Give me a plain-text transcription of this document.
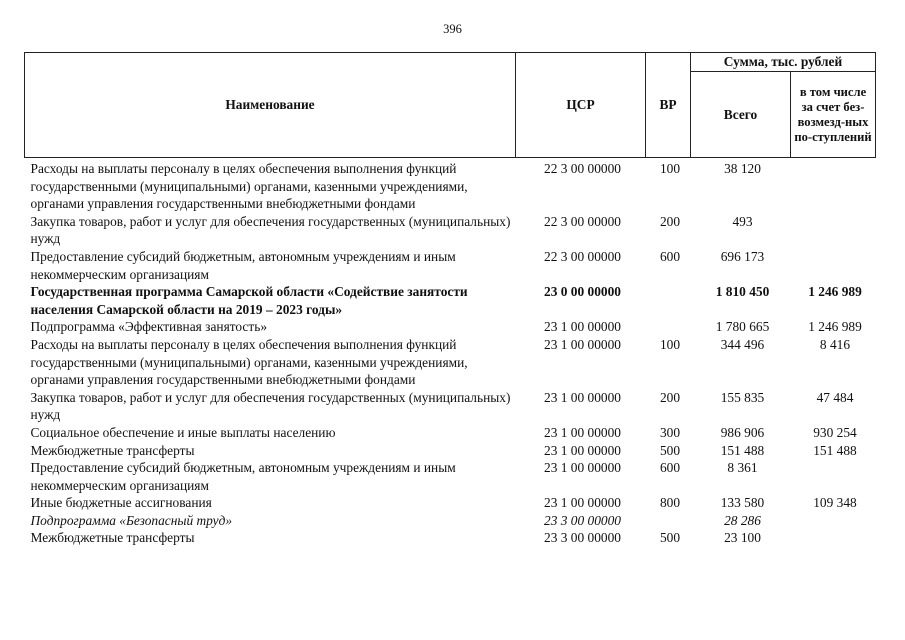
396
Наименование	ЦСР	ВР	Сумма, тыс. рублей	
			Всего	в том числе за счет без-возмезд-ных по-ступлений
Расходы на выплаты персоналу в целях обеспечения выполнения функций государственными (муниципальными) органами, казенными учреждениями, органами управления государственными внебюджетными фондами	22 3 00 00000	100	38 120	
Закупка товаров, работ и услуг для обеспечения государственных (муниципальных) нужд	22 3 00 00000	200	493	
Предоставление субсидий бюджетным, автономным учреждениям и иным некоммерческим организациям	22 3 00 00000	600	696 173	
Государственная программа Самарской области «Содействие занятости населения Самарской области на 2019 – 2023 годы»	23 0 00 00000		1 810 450	1 246 989
Подпрограмма «Эффективная занятость»	23 1 00 00000		1 780 665	1 246 989
Расходы на выплаты персоналу в целях обеспечения выполнения функций государственными (муниципальными) органами, казенными учреждениями, органами управления государственными внебюджетными фондами	23 1 00 00000	100	344 496	8 416
Закупка товаров, работ и услуг для обеспечения государственных (муниципальных) нужд	23 1 00 00000	200	155 835	47 484
Социальное обеспечение и иные выплаты населению	23 1 00 00000	300	986 906	930 254
Межбюджетные трансферты	23 1 00 00000	500	151 488	151 488
Предоставление субсидий бюджетным, автономным учреждениям и иным некоммерческим организациям	23 1 00 00000	600	8 361	
Иные бюджетные ассигнования	23 1 00 00000	800	133 580	109 348
Подпрограмма «Безопасный труд»	23 3 00 00000		28 286	
Межбюджетные трансферты	23 3 00 00000	500	23 100	
